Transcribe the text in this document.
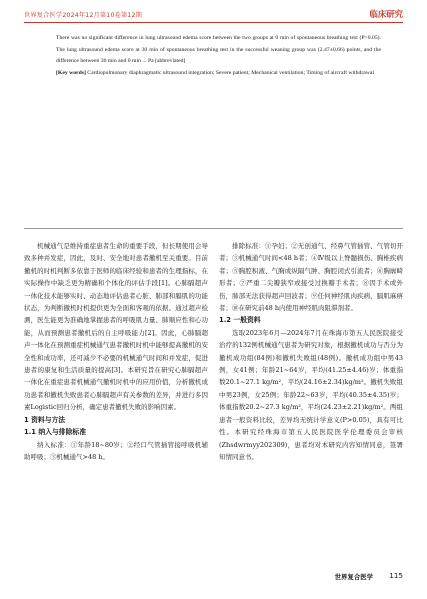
世界复合医学2024年12月第10卷第12期	临床研究

There was no significant difference in lung ultrasound edema score between the two groups at 0 min of spontaneous breathing test (P>0.05). The lung ultrasound edema score at 30 min of spontaneous breathing test in the successful weaning group was (2.47±0.66) points, and the difference between 30 min and 0 min ... Pa [abbreviated]

[Key words] Cardiopulmonary diaphragmatic ultrasound integration; Severe patient; Mechanical ventilation; Timing of aircraft withdrawal

机械通气是维持重症患者生命的重要手段，但长期使用会导致多种并发症，因此，及时、安全地对患者撤机至关重要。目前撤机的时机判断多依靠于医师的临床经验和患者的生理指标，在实际操作中缺乏更为精确和个体化的评估手段[1]。心肺膈超声一体化技术能够实时、动态地评估患者心脏、肺部和膈肌的功能状态，为判断撤机时机提供更为全面和客观的依据。通过超声检测，医生能更为准确地掌握患者的呼吸肌力量、肺顺应性和心功能，从而预测患者撤机后的自主呼吸能力[2]。因此，心肺膈超声一体化在预测重症机械通气患者撤机时机中能够提高撤机的安全性和成功率，还可减少不必要的机械通气时间和并发症，促进患者的康复和生活质量的提高[3]。本研究旨在研究心肺膈超声一体化在重症患者机械通气撤机时机中的应用价值，分析撤机成功患者和撤机失败患者心肺膈超声有关参数的差异，并进行多因素Logistic回归分析，确定患者撤机失败的影响因素。

1 资料与方法
1.1 纳入与排除标准

纳入标准：①年龄18~80岁；②经口气管插管接呼吸机辅助呼吸；③机械通气>48 h。

排除标准：①孕妇；②无创通气、经鼻气管插管、气管切开者；③机械通气时间<48 h者；④Ⅳ级以上脊髓损伤、胸椎疾病者；⑤胸腔积液、气胸或纵隔气肿、胸腔闭式引流者；⑥胸廓畸形者；⑦严重二尖瓣狭窄或接受过换瓣手术者；⑧因手术或外伤，肺部无法获得超声回波者；⑨任何神经肌肉疾病、膈肌麻痹者；⑩在研究前48 h内使用神经肌肉阻滞剂者。

1.2 一般资料

选取2023年6月—2024年7月在珠海市第五人民医院接受治疗的132例机械通气患者为研究对象，根据撤机成功与否分为撤机成功组(84例)和撤机失败组(48例)。撤机成功组中男43例，女41例；年龄21~64岁，平均(41.25±4.46)岁；体重指数20.1~27.1 kg/m²，平均(24.16±2.34)kg/m²。撤机失败组中男23例，女25例；年龄22~63岁，平均(40.35±4.35)岁；体重指数20.2~27.3 kg/m²，平均(24.23±2.21)kg/m²。两组患者一般资料比较，差异均无统计学意义(P>0.05)，具有可比性。本研究经珠海市第五人民医院医学伦理委员会审核(Zhsdwrmyy202309)，患者均对本研究内容知情同意，签署知情同意书。

世界复合医学 115
